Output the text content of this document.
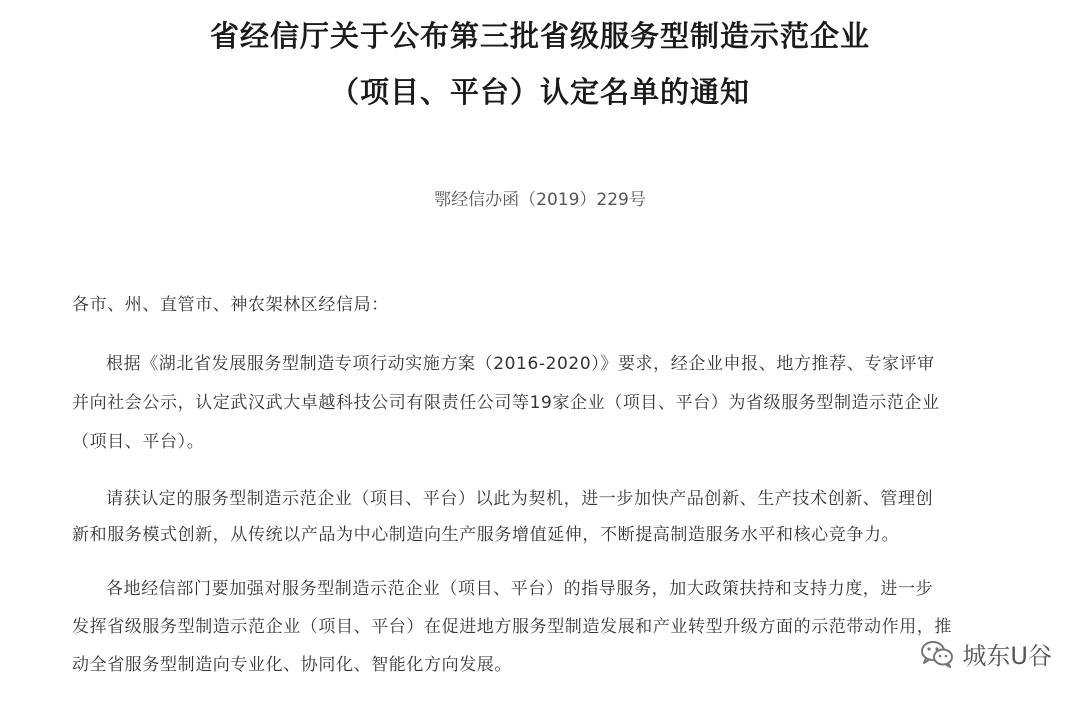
省经信厅关于公布第三批省级服务型制造示范企业
（项目、平台）认定名单的通知
鄂经信办函（2019）229号
各市、州、直管市、神农架林区经信局：
根据《湖北省发展服务型制造专项行动实施方案（2016-2020）》要求，经企业申报、地方推荐、专家评审
并向社会公示，认定武汉武大卓越科技公司有限责任公司等19家企业（项目、平台）为省级服务型制造示范企业
（项目、平台）。
请获认定的服务型制造示范企业（项目、平台）以此为契机，进一步加快产品创新、生产技术创新、管理创
新和服务模式创新，从传统以产品为中心制造向生产服务增值延伸，不断提高制造服务水平和核心竞争力。
各地经信部门要加强对服务型制造示范企业（项目、平台）的指导服务，加大政策扶持和支持力度，进一步
发挥省级服务型制造示范企业（项目、平台）在促进地方服务型制造发展和产业转型升级方面的示范带动作用，推
动全省服务型制造向专业化、协同化、智能化方向发展。	城东U谷
